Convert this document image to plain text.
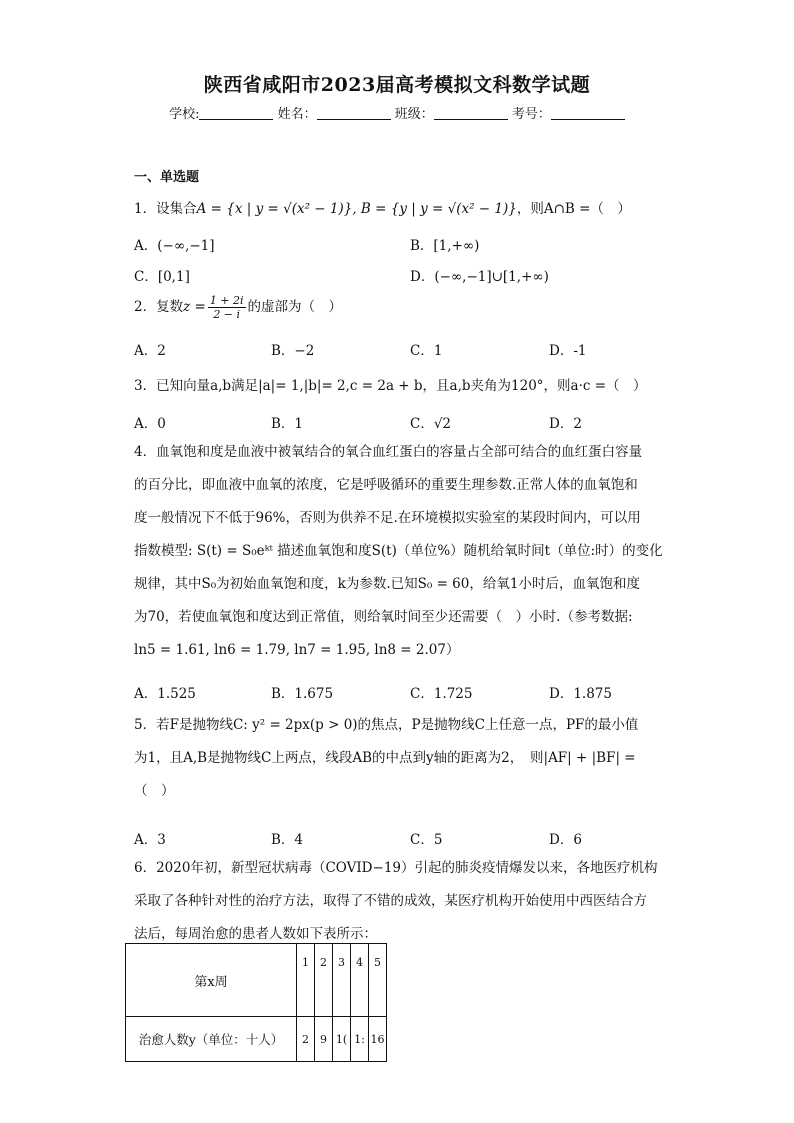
陕西省咸阳市2023届高考模拟文科数学试题
学校:	姓名：	班级：	考号：
一、单选题
1．设集合A = {x | y = √(x² − 1)}, B = {y | y = √(x² − 1)}，则A∩B =（　）
A．(−∞,−1]	B．[1,+∞)
C．[0,1]	D．(−∞,−1]∪[1,+∞)
2．复数$z = \frac{1 + 2i}{2 - i}$ 的虚部为（　）
A．2	B．−2	C．1	D．-1
3．已知向量a,b满足|a|= 1,|b|= 2,c = 2a + b，且a,b夹角为120°，则a·c =（　）
A．0	B．1	C．√2	D．2
4．血氧饱和度是血液中被氧结合的氧合血红蛋白的容量占全部可结合的血红蛋白容量
的百分比，即血液中血氧的浓度，它是呼吸循环的重要生理参数.正常人体的血氧饱和
度一般情况下不低于96%，否则为供养不足.在环境模拟实验室的某段时间内，可以用
指数模型: S(t) = S₀eᵏᵗ 描述血氧饱和度S(t)（单位%）随机给氧时间t（单位:时）的变化
规律，其中S₀为初始血氧饱和度，k为参数.已知S₀ = 60，给氧1小时后，血氧饱和度
为70，若使血氧饱和度达到正常值，则给氧时间至少还需要（　）小时.（参考数据:
ln5 = 1.61, ln6 = 1.79, ln7 = 1.95, ln8 = 2.07）
A．1.525	B．1.675	C．1.725	D．1.875
5．若F是抛物线C: y² = 2px(p > 0)的焦点，P是抛物线C上任意一点，PF的最小值
为1，且A,B是抛物线C上两点，线段AB的中点到y轴的距离为2，　则|AF| + |BF| =
（　）
A．3	B．4	C．5	D．6
6．2020年初，新型冠状病毒（COVID−19）引起的肺炎疫情爆发以来，各地医疗机构
采取了各种针对性的治疗方法，取得了不错的成效，某医疗机构开始使用中西医结合方
法后，每周治愈的患者人数如下表所示：
第x周	1	2	3	4	5
治愈人数y（单位：十人）	2	9	1(	1:	16
